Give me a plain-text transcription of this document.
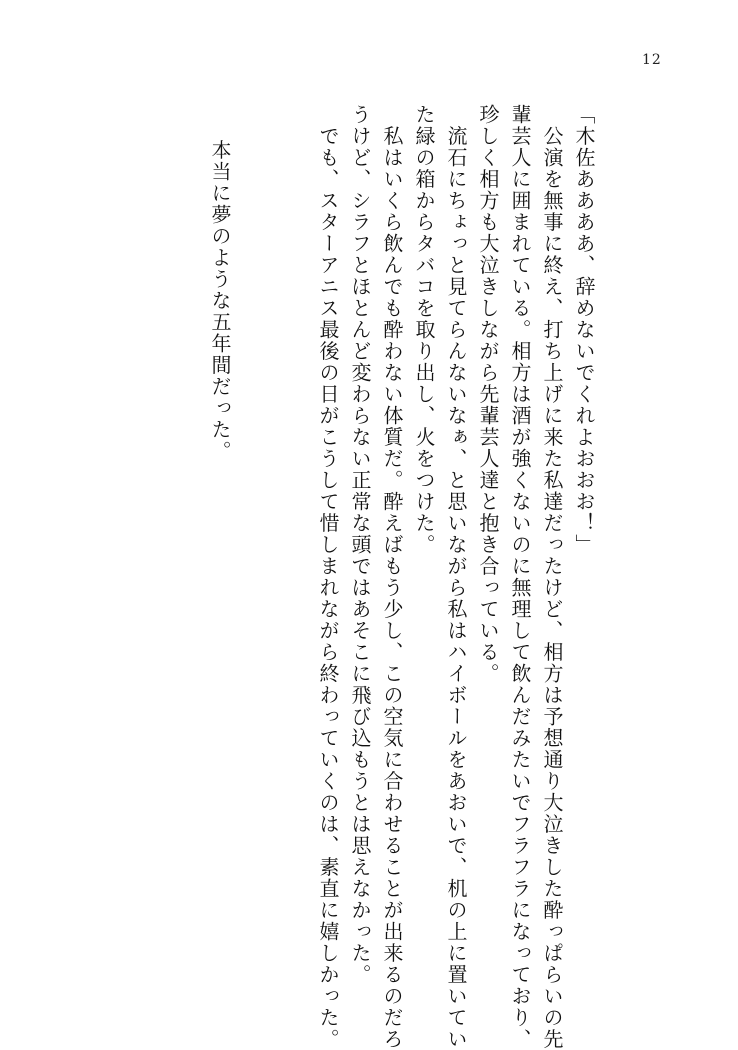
12

「木佐ああああ、辞めないでくれよおおお！」

　公演を無事に終え、打ち上げに来た私達だったけど、相方は予想通り大泣きした酔っぱらいの先

輩芸人に囲まれている。相方は酒が強くないのに無理して飲んだみたいでフラフラになっており、

珍しく相方も大泣きしながら先輩芸人達と抱き合っている。

　流石にちょっと見てらんないなぁ、と思いながら私はハイボールをあおいで、机の上に置いてい

た緑の箱からタバコを取り出し、火をつけた。

　私はいくら飲んでも酔わない体質だ。酔えばもう少し、この空気に合わせることが出来るのだろ

うけど、シラフとほとんど変わらない正常な頭ではあそこに飛び込もうとは思えなかった。

　でも、スターアニス最後の日がこうして惜しまれながら終わっていくのは、素直に嬉しかった。

　本当に夢のような五年間だった。
